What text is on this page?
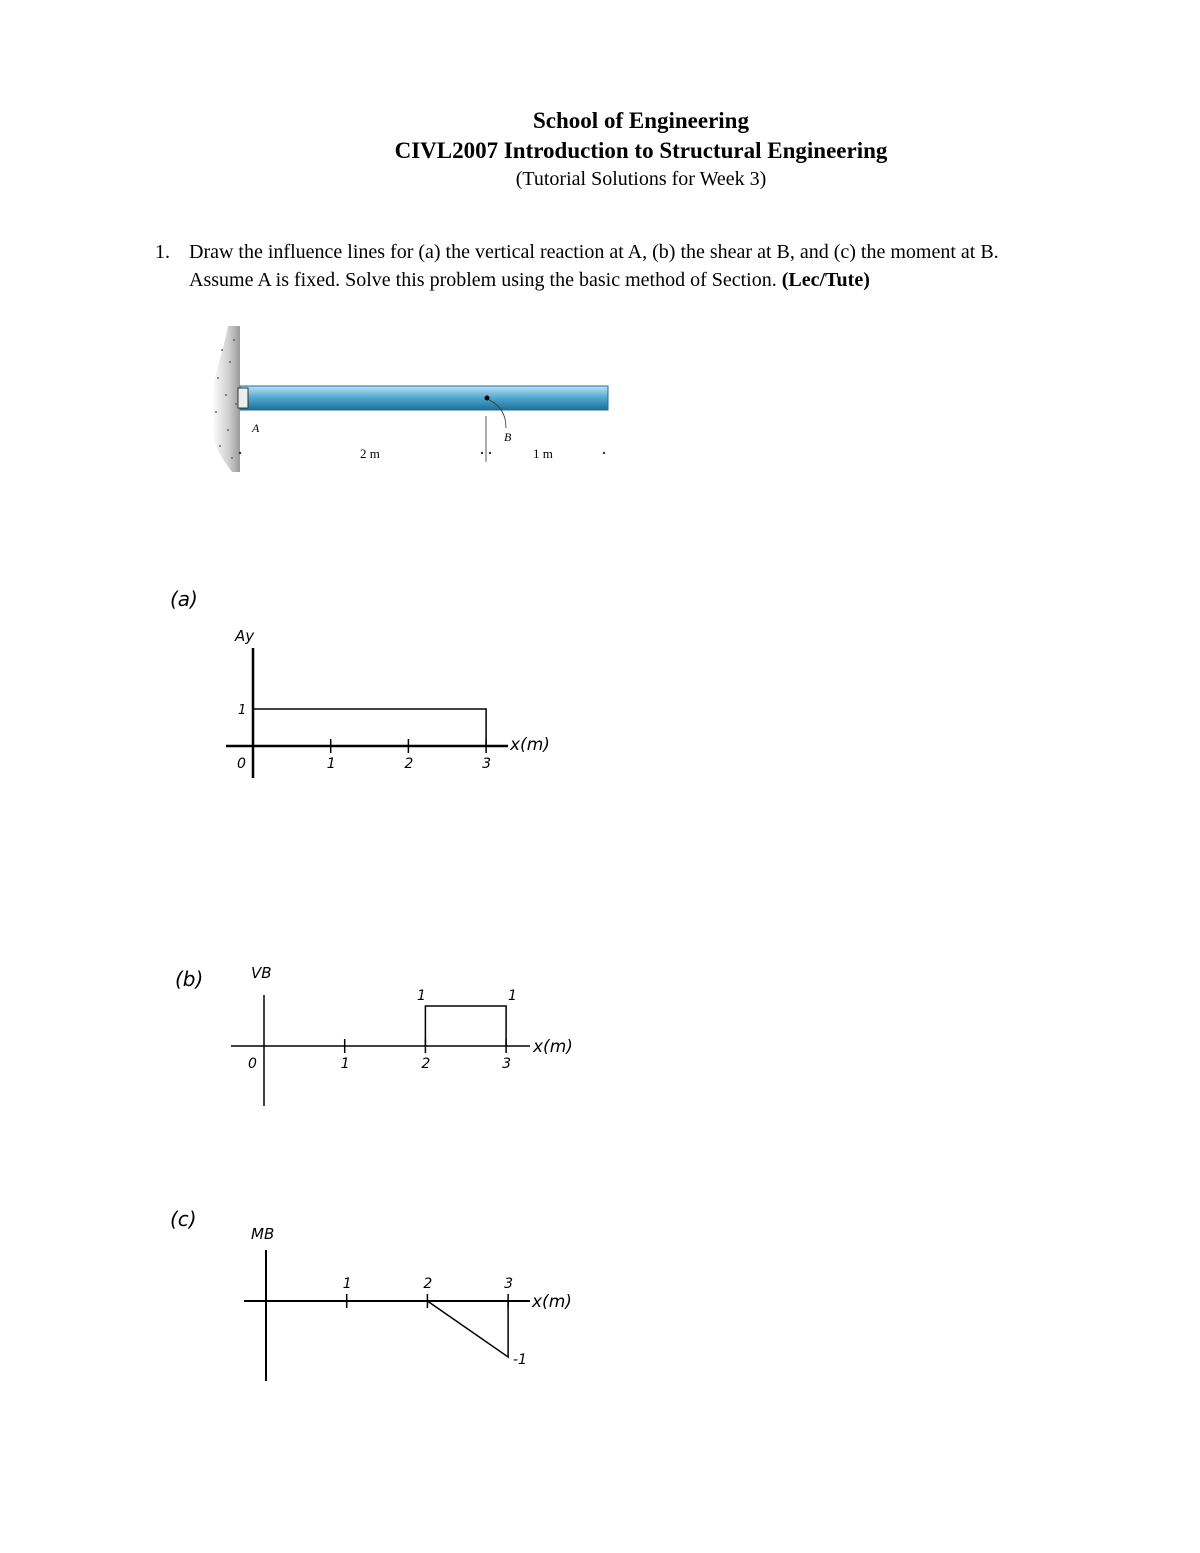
School of Engineering
CIVL2007 Introduction to Structural Engineering
(Tutorial Solutions for Week 3)
1. Draw the influence lines for (a) the vertical reaction at A, (b) the shear at B, and (c) the moment at B. Assume A is fixed. Solve this problem using the basic method of Section. (Lec/Tute)
A
B
2 m	1 m
(a)
Ay
0	1	2	3
1
x(m)
(b)	VB
0	1	2	3
1	1
x(m)
(c)
MB
1	2	3
-1
x(m)
